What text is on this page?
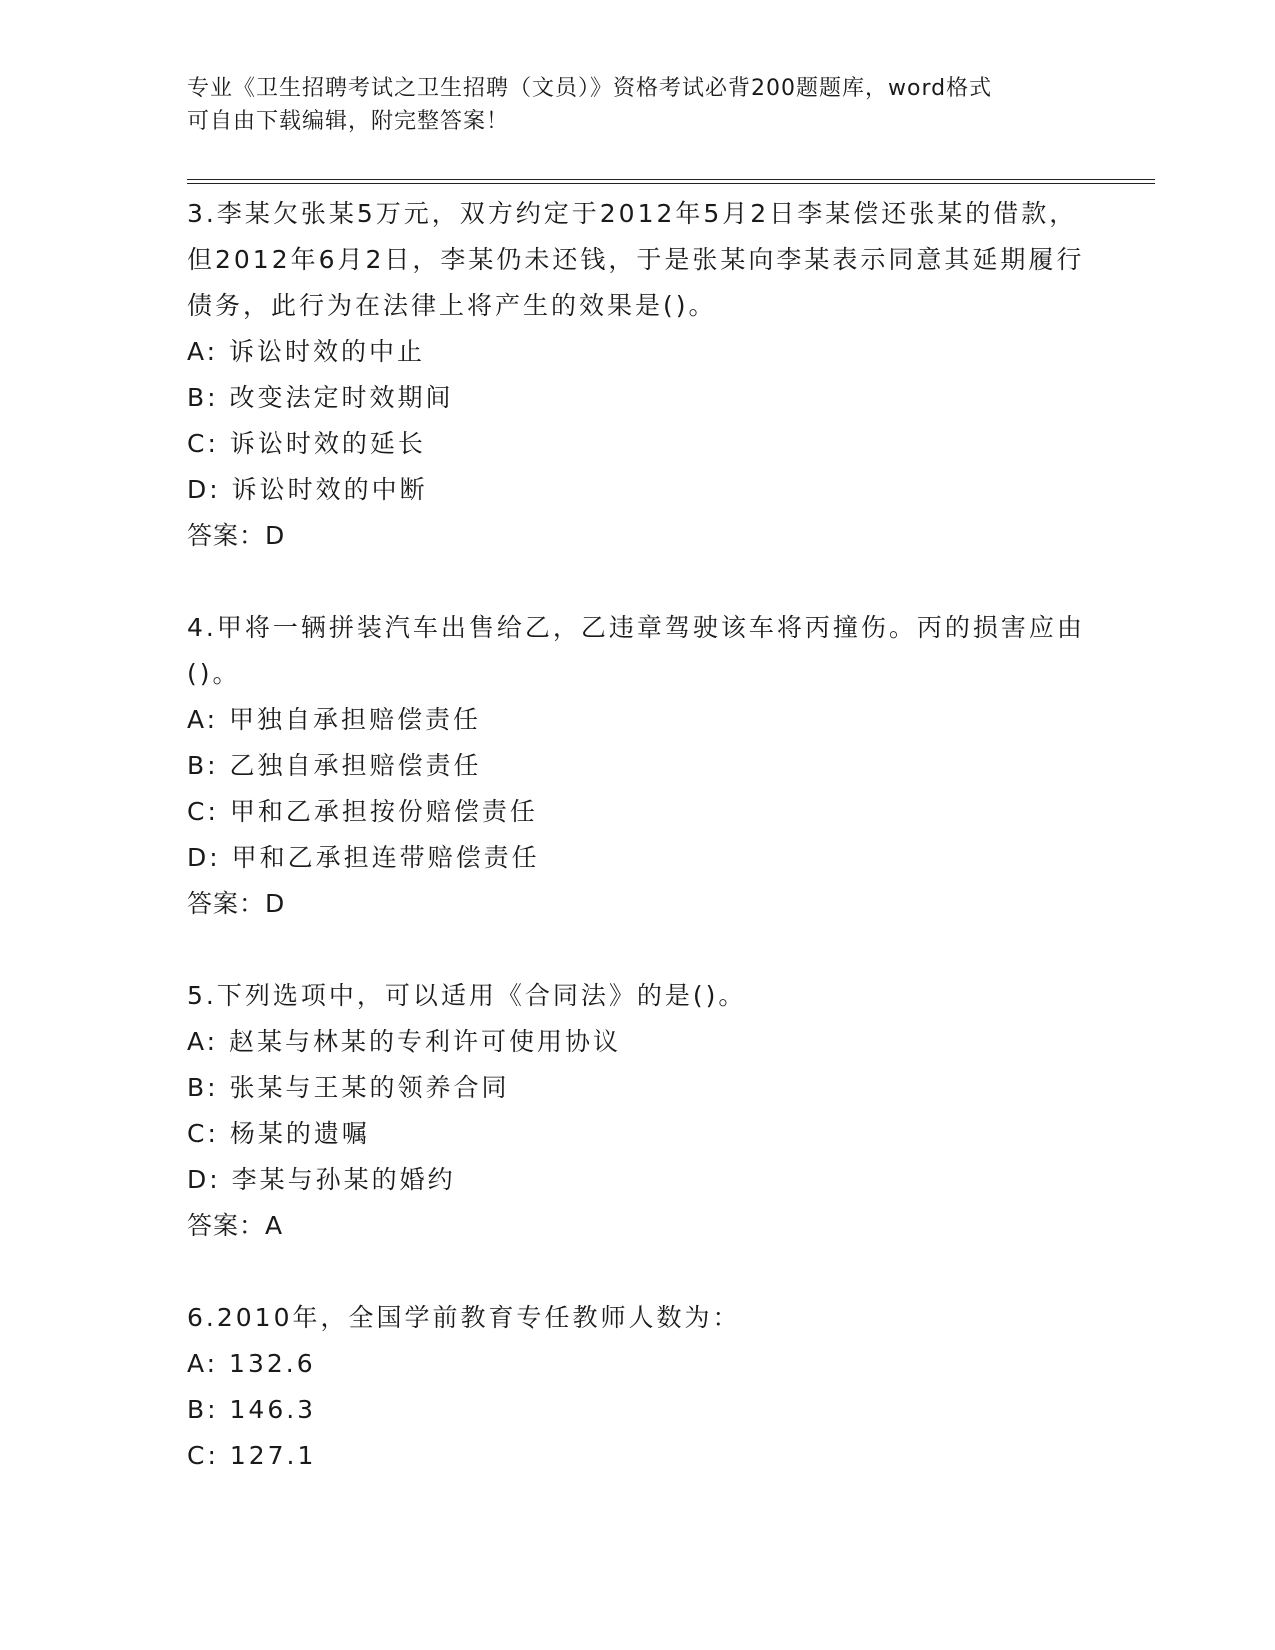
专业《卫生招聘考试之卫生招聘（文员）》资格考试必背200题题库，word格式
可自由下载编辑，附完整答案！
3.李某欠张某5万元，双方约定于2012年5月2日李某偿还张某的借款，但2012年6月2日，李某仍未还钱，于是张某向李某表示同意其延期履行债务，此行为在法律上将产生的效果是()。
A: 诉讼时效的中止
B: 改变法定时效期间
C: 诉讼时效的延长
D: 诉讼时效的中断
答案：D
4.甲将一辆拼装汽车出售给乙，乙违章驾驶该车将丙撞伤。丙的损害应由()。
A: 甲独自承担赔偿责任
B: 乙独自承担赔偿责任
C: 甲和乙承担按份赔偿责任
D: 甲和乙承担连带赔偿责任
答案：D
5.下列选项中，可以适用《合同法》的是()。
A: 赵某与林某的专利许可使用协议
B: 张某与王某的领养合同
C: 杨某的遗嘱
D: 李某与孙某的婚约
答案：A
6.2010年，全国学前教育专任教师人数为：
A: 132.6
B: 146.3
C: 127.1
